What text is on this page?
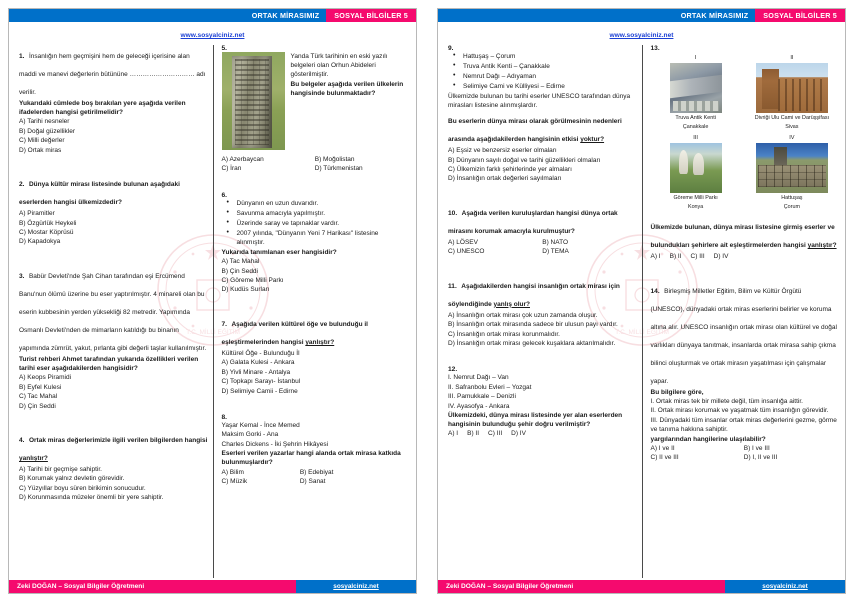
ORTAK MİRASIMIZ	SOSYAL BİLGİLER 5
www.sosyalciniz.net
T.C. MİLLİ EĞİTİM
1. İnsanlığın hem geçmişini hem de geleceği içerisine alan maddi ve manevi değerlerin bütününe ………………………… adı verilir.
Yukarıdaki cümlede boş bırakılan yere aşağıda verilen ifadelerden hangisi getirilmelidir?
A) Tarihi nesneler
B) Doğal güzellikler
C) Milli değerler
D) Ortak miras
2. Dünya kültür mirası listesinde bulunan aşağıdaki eserlerden hangisi ülkemizdedir?
A) Piramitler
B) Özgürlük Heykeli
C) Mostar Köprüsü
D) Kapadokya
3. Babür Devleti'nde Şah Cihan tarafından eşi Ercümend Banu'nun ölümü üzerine bu eser yaptırılmıştır. 4 minareli olan bu eserin kubbesinin yerden yüksekliği 82 metredir. Yapımında Osmanlı Devleti'nden de mimarların katıldığı bu binanın yapımında zümrüt, yakut, pırlanta gibi değerli taşlar kullanılmıştır.
Turist rehberi Ahmet tarafından yukarıda özellikleri verilen tarihi eser aşağıdakilerden hangisidir?
A) Keops Piramidi
B) Eyfel Kulesi
C) Tac Mahal
D) Çin Seddi
4. Ortak miras değerlerimizle ilgili verilen bilgilerden hangisi yanlıştır?
A) Tarihi bir geçmişe sahiptir.
B) Korumak yalnız devletin görevidir.
C) Yüzyıllar boyu süren birikimin sonucudur.
D) Korunmasında müzeler önemli bir yere sahiptir.
5.
Yanda Türk tarihinin en eski yazılı belgeleri olan Orhun Abideleri gösterilmiştir.
Bu belgeler aşağıda verilen ülkelerin hangisinde bulunmaktadır?
A) Azerbaycan	B) Moğolistan
C) İran	D) Türkmenistan
6.
• Dünyanın en uzun duvarıdır.
• Savunma amacıyla yapılmıştır.
• Üzerinde saray ve tapınaklar vardır.
• 2007 yılında, "Dünyanın Yeni 7 Harikası" listesine alınmıştır.
Yukarıda tanımlanan eser hangisidir?
A) Tac Mahal
B) Çin Seddi
C) Göreme Milli Parkı
D) Kudüs Surları
7. Aşağıda verilen kültürel öğe ve bulunduğu il eşleştirmelerinden hangisi yanlıştır?
Kültürel Öğe - Bulunduğu İl
A) Galata Kulesi - Ankara
B) Yivli Minare - Antalya
C) Topkapı Sarayı- İstanbul
D) Selimiye Camii - Edirne
8.
Yaşar Kemal - İnce Memed
Maksim Gorki - Ana
Charles Dickens - İki Şehrin Hikâyesi
Eserleri verilen yazarlar hangi alanda ortak mirasa katkıda bulunmuşlardır?
A) Bilim	B) Edebiyat
C) Müzik	D) Sanat
Zeki DOĞAN – Sosyal Bilgiler Öğretmeni	sosyalciniz.net
ORTAK MİRASIMIZ	SOSYAL BİLGİLER 5
www.sosyalciniz.net
T.C. MİLLİ EĞİTİM
9.
• Hattuşaş – Çorum
• Truva Antik Kenti – Çanakkale
• Nemrut Dağı – Adıyaman
• Selimiye Cami ve Külliyesi – Edirne
Ülkemizde bulunan bu tarihi eserler UNESCO tarafından dünya mirasları listesine alınmışlardır.
Bu eserlerin dünya mirası olarak görülmesinin nedenleri arasında aşağıdakilerden hangisinin etkisi yoktur?
A) Eşsiz ve benzersiz eserler olmaları
B) Dünyanın sayılı doğal ve tarihi güzellikleri olmaları
C) Ülkemizin farklı şehirlerinde yer almaları
D) İnsanlığın ortak değerleri sayılmaları
10. Aşağıda verilen kuruluşlardan hangisi dünya ortak mirasını korumak amacıyla kurulmuştur?
A) LÖSEV	B) NATO
C) UNESCO	D) TEMA
11. Aşağıdakilerden hangisi insanlığın ortak mirası için söylendiğinde yanlış olur?
A) İnsanlığın ortak mirası çok uzun zamanda oluşur.
B) İnsanlığın ortak mirasında sadece bir ulusun payı vardır.
C) İnsanlığın ortak mirası korunmalıdır.
D) İnsanlığın ortak mirası gelecek kuşaklara aktarılmalıdır.
12.
I. Nemrut Dağı – Van
II. Safranbolu Evleri – Yozgat
III. Pamukkale – Denizli
IV. Ayasofya - Ankara
Ülkemizdeki, dünya mirası listesinde yer alan eserlerden hangisinin bulunduğu şehir doğru verilmiştir?
A) I B) II C) III D) IV
13.
I
Truva Antik Kenti
Çanakkale
II
Divriği Ulu Cami ve Darüşşifası
Sivas
III
Göreme Milli Parkı
Konya
IV
Hattuşaş
Çorum
Ülkemizde bulunan, dünya mirası listesine girmiş eserler ve bulundukları şehirlere ait eşleştirmelerden hangisi yanlıştır?
A) I B) II C) III D) IV
14. Birleşmiş Milletler Eğitim, Bilim ve Kültür Örgütü (UNESCO), dünyadaki ortak miras eserlerini belirler ve koruma altına alır. UNESCO insanlığın ortak mirası olan kültürel ve doğal varlıkları dünyaya tanıtmak, insanlarda ortak mirasa sahip çıkma bilinci oluşturmak ve ortak mirasın yaşatılması için çalışmalar yapar.
Bu bilgilere göre,
I. Ortak miras tek bir millete değil, tüm insanlığa aittir.
II. Ortak mirası korumak ve yaşatmak tüm insanlığın görevidir.
III. Dünyadaki tüm insanlar ortak miras değerlerini gezme, görme ve tanıma hakkına sahiptir.
yargılarından hangilerine ulaşılabilir?
A) I ve II	B) I ve III
C) II ve III	D) I, II ve III
Zeki DOĞAN – Sosyal Bilgiler Öğretmeni	sosyalciniz.net
